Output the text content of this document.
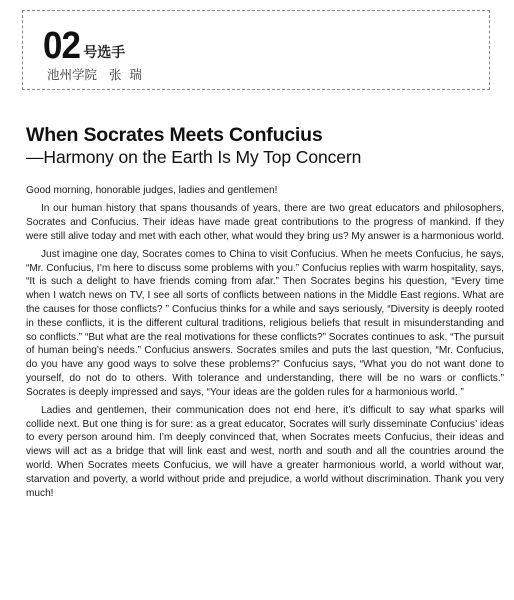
02 号选手
池州学院 张  瑞
When Socrates Meets Confucius
—Harmony on the Earth Is My Top Concern

Good morning, honorable judges, ladies and gentlemen!

In our human history that spans thousands of years, there are two great educators and philosophers, Socrates and Confucius. Their ideas have made great contributions to the progress of mankind. If they were still alive today and met with each other, what would they bring us? My answer is a harmonious world.

Just imagine one day, Socrates comes to China to visit Confucius. When he meets Confucius, he says, “Mr. Confucius, I’m here to discuss some problems with you.” Confucius replies with warm hospitality, says, “It is such a delight to have friends coming from afar.” Then Socrates begins his question, “Every time when I watch news on TV, I see all sorts of conflicts between nations in the Middle East regions. What are the causes for those conflicts? ” Confucius thinks for a while and says seriously, “Diversity is deeply rooted in these conflicts, it is the different cultural traditions, religious beliefs that result in misunderstanding and so conflicts.” “But what are the real motivations for these conflicts?” Socrates continues to ask. “The pursuit of human being’s needs.” Confucius answers. Socrates smiles and puts the last question, “Mr. Confucius, do you have any good ways to solve these problems?” Confucius says, “What you do not want done to yourself, do not do to others. With tolerance and understanding, there will be no wars or conflicts.” Socrates is deeply impressed and says, “Your ideas are the golden rules for a harmonious world. ”

Ladies and gentlemen, their communication does not end here, it’s difficult to say what sparks will collide next. But one thing is for sure: as a great educator, Socrates will surly disseminate Confucius’ ideas to every person around him. I’m deeply convinced that, when Socrates meets Confucius, their ideas and views will act as a bridge that will link east and west, north and south and all the countries around the world. When Socrates meets Confucius, we will have a greater harmonious world, a world without war, starvation and poverty, a world without pride and prejudice, a world without discrimination. Thank you very much!
